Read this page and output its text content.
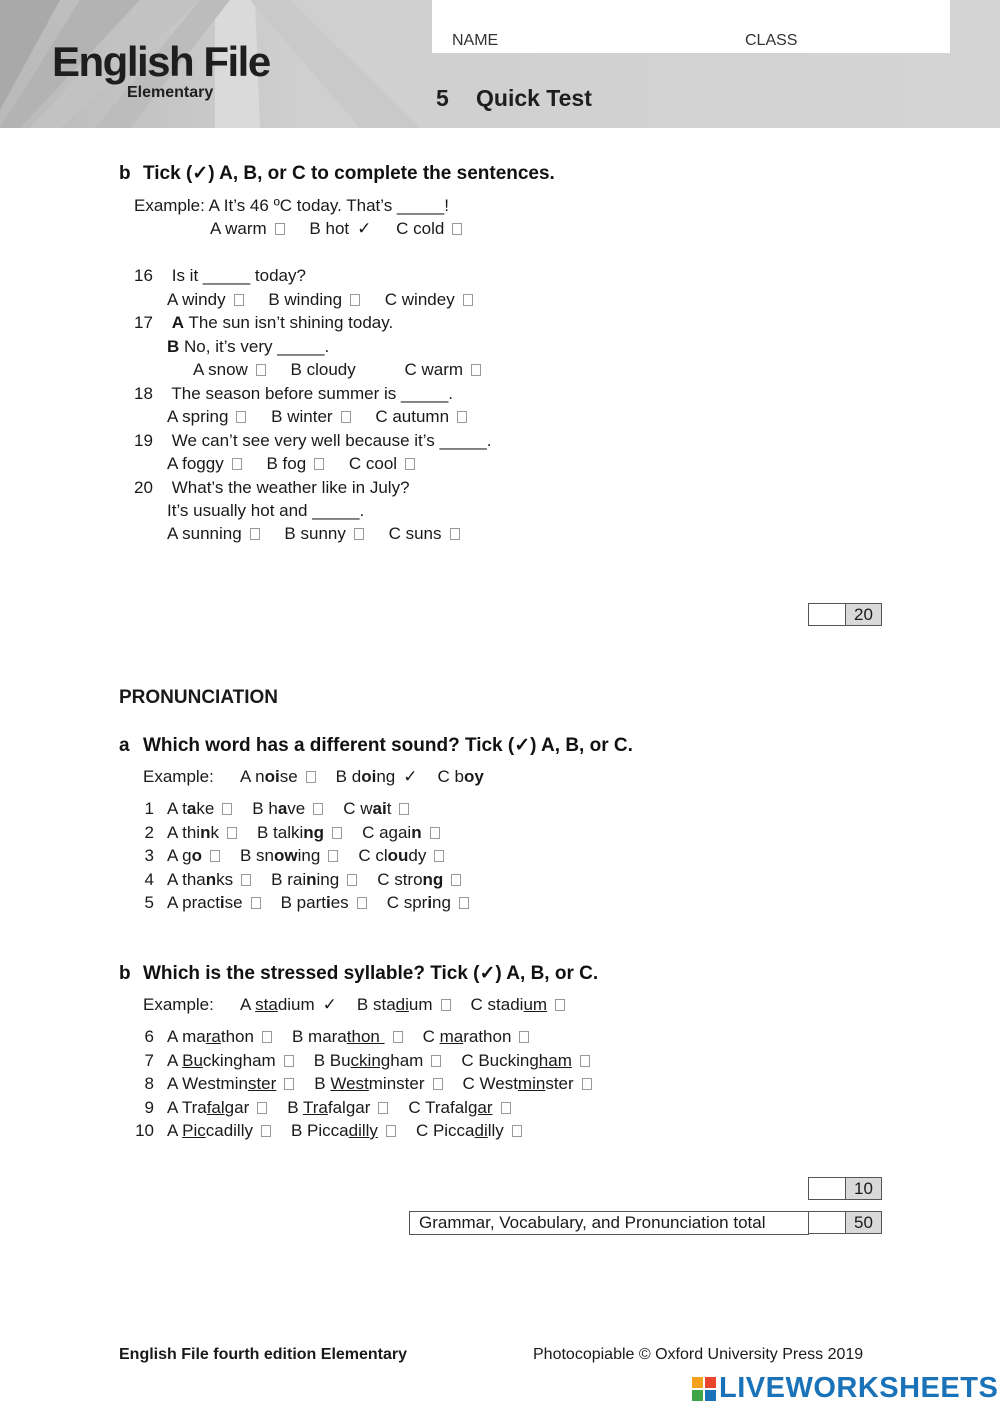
English File
Elementary
NAME	CLASS
5 Quick Test
b Tick (✓) A, B, or C to complete the sentences.
Example: A It’s 46 ºC today. That’s _____!
A warm	B hot ✓ C cold
16 Is it _____ today?
A windy	B winding	C windey
17 A The sun isn’t shining today.
B No, it’s very _____.
A snow	B cloudy	C warm
18 The season before summer is _____.
A spring	B winter	C autumn
19 We can’t see very well because it’s _____.
A foggy	B fog	C cool
20 What’s the weather like in July?
It’s usually hot and _____.
A sunning	B sunny	C suns
20
PRONUNCIATION
a Which word has a different sound? Tick (✓) A, B, or C.
Example: A noise B doing ✓ C boy
1 A take B have C wait
2 A think B talking C again
3 A go B snowing C cloudy
4 A thanks B raining C strong
5 A practise B parties C spring
b Which is the stressed syllable? Tick (✓) A, B, or C.
Example: A stadium ✓ B stadium C stadium
6 A marathon B marathon C marathon
7 A Buckingham B Buckingham C Buckingham
8 A Westminster B Westminster C Westminster
9 A Trafalgar B Trafalgar C Trafalgar
10 A Piccadilly B Piccadilly C Piccadilly
10
Grammar, Vocabulary, and Pronunciation total	50
English File fourth edition Elementary	Photocopiable © Oxford University Press 2019
LIVEWORKSHEETS
